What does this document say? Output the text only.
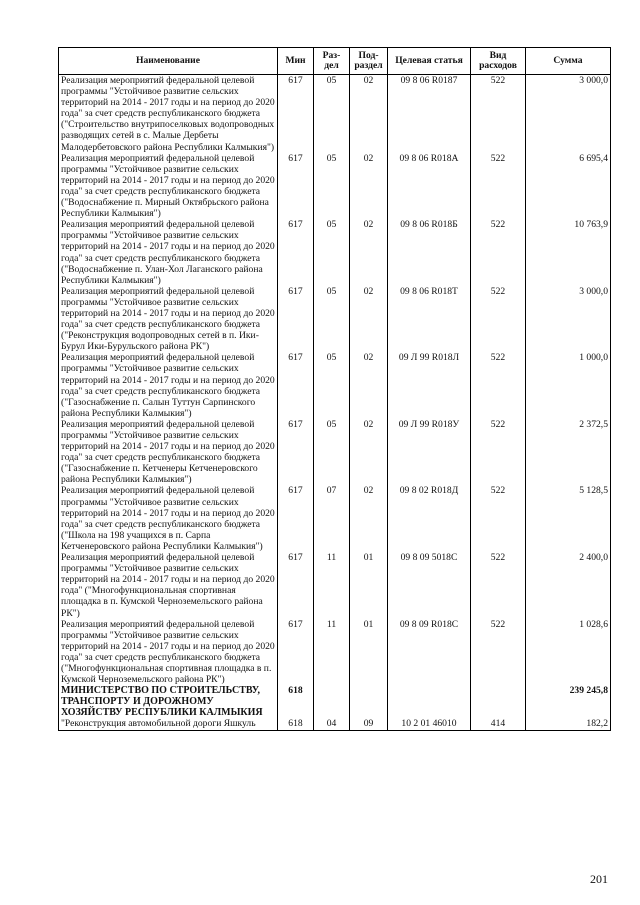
Наименование	Мин	Раз- дел	Под- раздел	Целевая статья	Вид расходов	Сумма
Реализация мероприятий федеральной целевой программы "Устойчивое развитие сельских территорий на 2014 - 2017 годы и на период до 2020 года" за счет средств республиканского бюджета ("Строительство внутрипоселковых водопроводных разводящих сетей в с. Малые Дербеты Малодербетовского района Республики Калмыкия")	617	05	02	09 8 06 R0187	522	3 000,0
Реализация мероприятий федеральной целевой программы "Устойчивое развитие сельских территорий на 2014 - 2017 годы и на период до 2020 года" за счет средств республиканского бюджета ("Водоснабжение п. Мирный Октябрьского района Республики Калмыкия")	617	05	02	09 8 06 R018A	522	6 695,4
Реализация мероприятий федеральной целевой программы "Устойчивое развитие сельских территорий на 2014 - 2017 годы и на период до 2020 года" за счет средств республиканского бюджета ("Водоснабжение п. Улан-Хол Лаганского района Республики Калмыкия")	617	05	02	09 8 06 R018Б	522	10 763,9
Реализация мероприятий федеральной целевой программы "Устойчивое развитие сельских территорий на 2014 - 2017 годы и на период до 2020 года" за счет средств республиканского бюджета ("Реконструкция водопроводных сетей в п. Ики-Бурул Ики-Бурульского района РК")	617	05	02	09 8 06 R018Т	522	3 000,0
Реализация мероприятий федеральной целевой программы "Устойчивое развитие сельских территорий на 2014 - 2017 годы и на период до 2020 года" за счет средств республиканского бюджета ("Газоснабжение п. Салын Туттун Сарпинского района Республики Калмыкия")	617	05	02	09 Л 99 R018Л	522	1 000,0
Реализация мероприятий федеральной целевой программы "Устойчивое развитие сельских территорий на 2014 - 2017 годы и на период до 2020 года" за счет средств республиканского бюджета ("Газоснабжение п. Кетченеры Кетченеровского района Республики Калмыкия")	617	05	02	09 Л 99 R018У	522	2 372,5
Реализация мероприятий федеральной целевой программы "Устойчивое развитие сельских территорий на 2014 - 2017 годы и на период до 2020 года" за счет средств республиканского бюджета ("Школа на 198 учащихся в п. Сарпа Кетченеровского района Республики Калмыкия")	617	07	02	09 8 02 R018Д	522	5 128,5
Реализация мероприятий федеральной целевой программы "Устойчивое развитие сельских территорий на 2014 - 2017 годы и на период до 2020 года" ("Многофункциональная спортивная площадка в п. Кумской Черноземельского района РК")	617	11	01	09 8 09 5018С	522	2 400,0
Реализация мероприятий федеральной целевой программы "Устойчивое развитие сельских территорий на 2014 - 2017 годы и на период до 2020 года" за счет средств республиканского бюджета ("Многофункциональная спортивная площадка в п. Кумской Черноземельского района РК")	617	11	01	09 8 09 R018С	522	1 028,6
МИНИСТЕРСТВО ПО СТРОИТЕЛЬСТВУ, ТРАНСПОРТУ И ДОРОЖНОМУ ХОЗЯЙСТВУ РЕСПУБЛИКИ КАЛМЫКИЯ	618					239 245,8
"Реконструкция автомобильной дороги Яшкуль	618	04	09	10 2 01 46010	414	182,2
201
